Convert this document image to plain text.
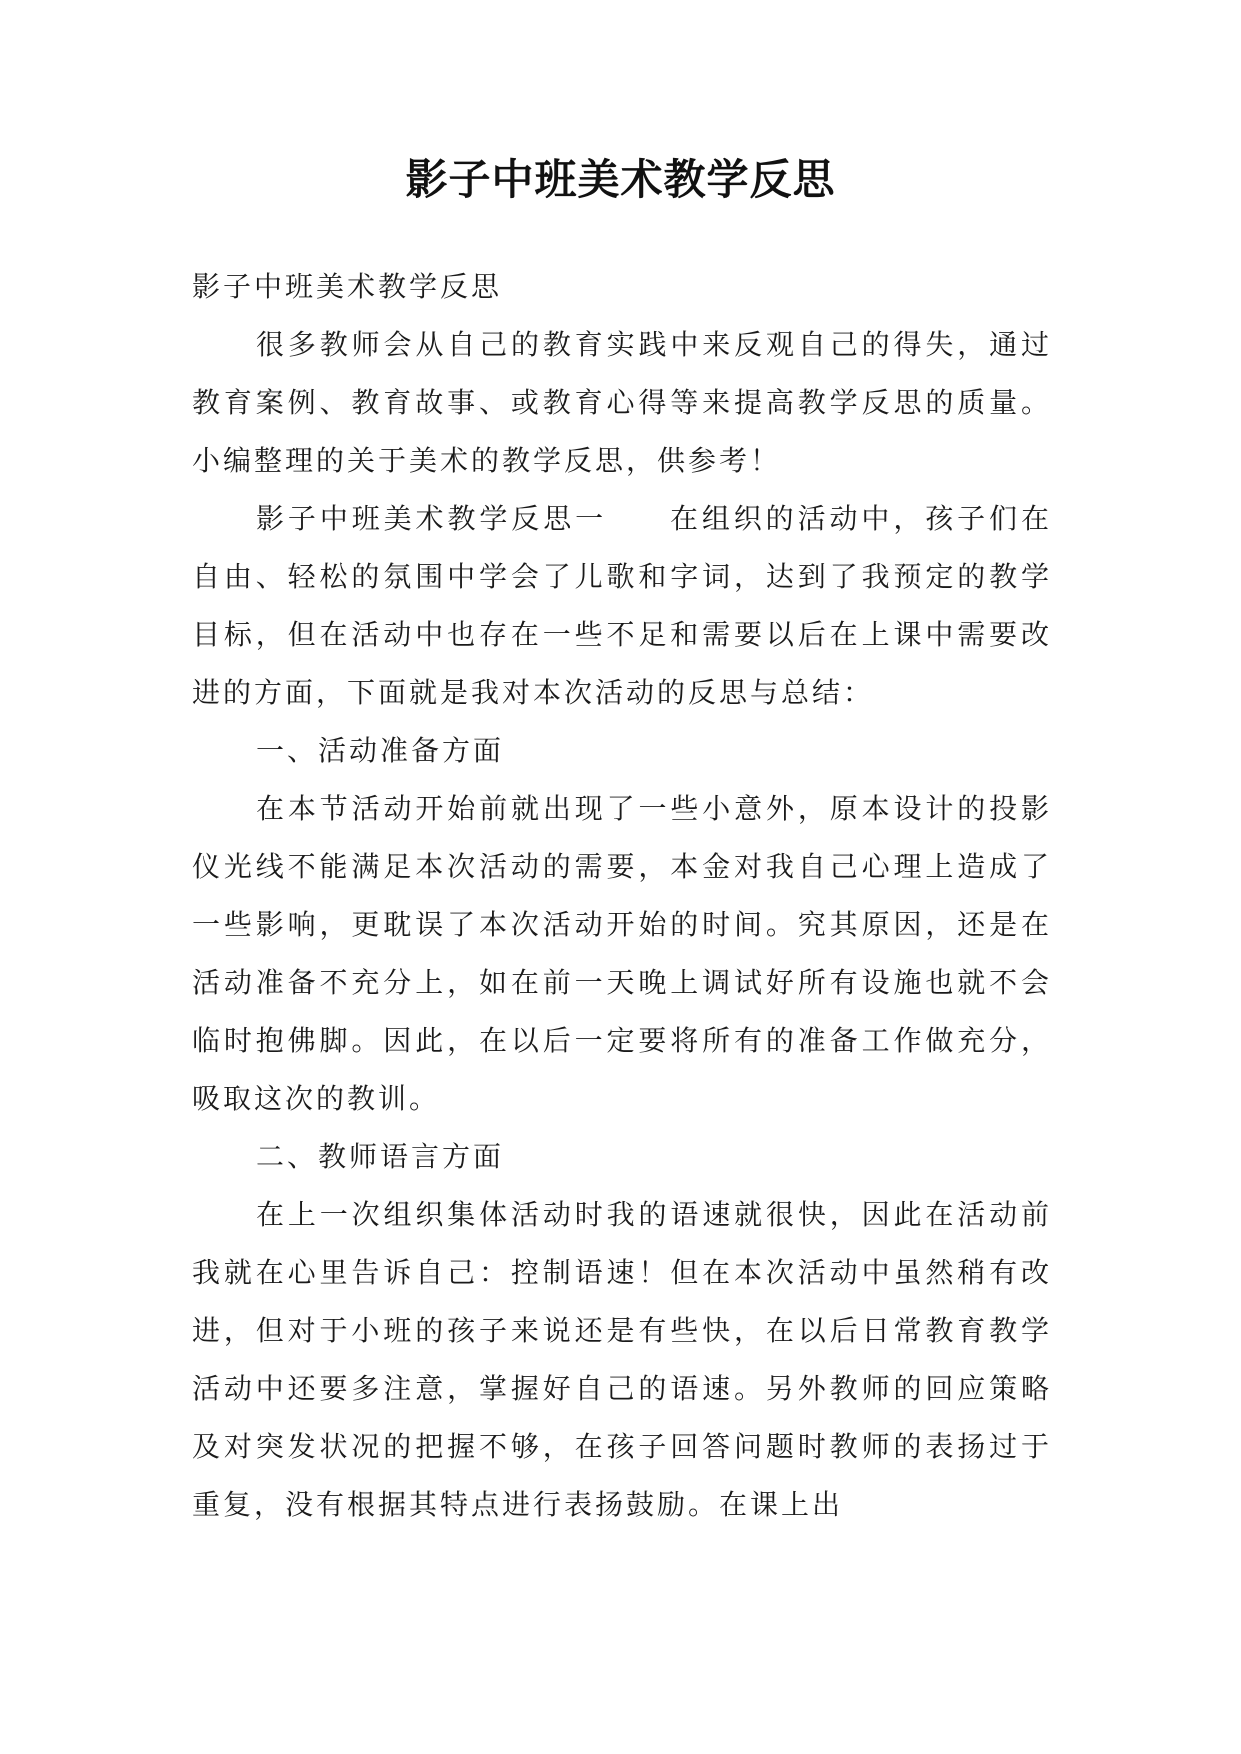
影子中班美术教学反思

影子中班美术教学反思

很多教师会从自己的教育实践中来反观自己的得失，通过教育案例、教育故事、或教育心得等来提高教学反思的质量。小编整理的关于美术的教学反思，供参考！

影子中班美术教学反思一 在组织的活动中，孩子们在自由、轻松的氛围中学会了儿歌和字词，达到了我预定的教学目标，但在活动中也存在一些不足和需要以后在上课中需要改进的方面，下面就是我对本次活动的反思与总结：

一、活动准备方面

在本节活动开始前就出现了一些小意外，原本设计的投影仪光线不能满足本次活动的需要，本金对我自己心理上造成了一些影响，更耽误了本次活动开始的时间。究其原因，还是在活动准备不充分上，如在前一天晚上调试好所有设施也就不会临时抱佛脚。因此，在以后一定要将所有的准备工作做充分，吸取这次的教训。

二、教师语言方面

在上一次组织集体活动时我的语速就很快，因此在活动前我就在心里告诉自己：控制语速！但在本次活动中虽然稍有改进，但对于小班的孩子来说还是有些快，在以后日常教育教学活动中还要多注意，掌握好自己的语速。另外教师的回应策略及对突发状况的把握不够，在孩子回答问题时教师的表扬过于重复，没有根据其特点进行表扬鼓励。在课上出
